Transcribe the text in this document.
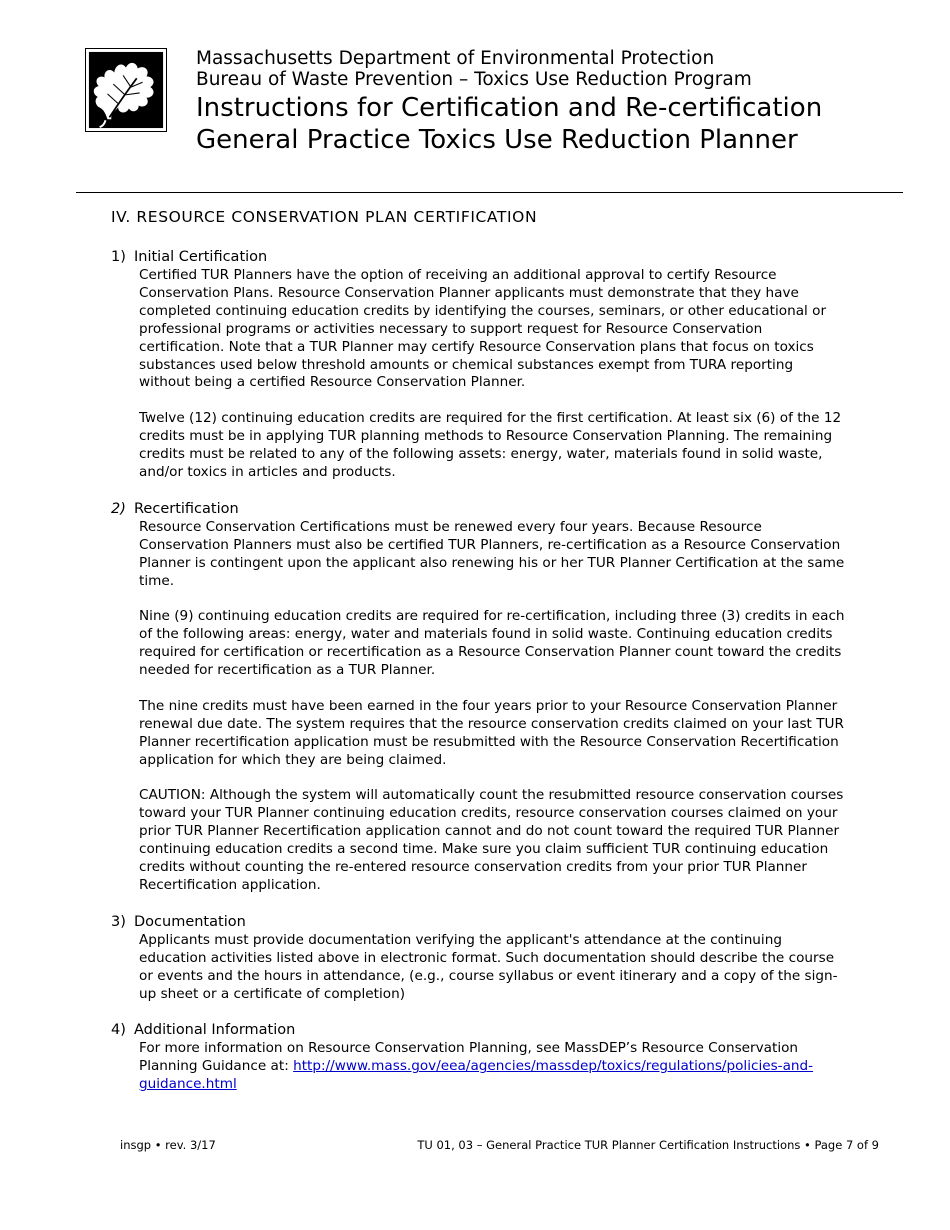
Massachusetts Department of Environmental Protection
Bureau of Waste Prevention – Toxics Use Reduction Program
Instructions for Certification and Re-certification
General Practice Toxics Use Reduction Planner
IV. RESOURCE CONSERVATION PLAN CERTIFICATION
1) Initial Certification

Certified TUR Planners have the option of receiving an additional approval to certify Resource Conservation Plans. Resource Conservation Planner applicants must demonstrate that they have completed continuing education credits by identifying the courses, seminars, or other educational or professional programs or activities necessary to support request for Resource Conservation certification. Note that a TUR Planner may certify Resource Conservation plans that focus on toxics substances used below threshold amounts or chemical substances exempt from TURA reporting without being a certified Resource Conservation Planner.

Twelve (12) continuing education credits are required for the first certification. At least six (6) of the 12 credits must be in applying TUR planning methods to Resource Conservation Planning. The remaining credits must be related to any of the following assets: energy, water, materials found in solid waste, and/or toxics in articles and products.

2) Recertification

Resource Conservation Certifications must be renewed every four years. Because Resource Conservation Planners must also be certified TUR Planners, re-certification as a Resource Conservation Planner is contingent upon the applicant also renewing his or her TUR Planner Certification at the same time.

Nine (9) continuing education credits are required for re-certification, including three (3) credits in each of the following areas: energy, water and materials found in solid waste. Continuing education credits required for certification or recertification as a Resource Conservation Planner count toward the credits needed for recertification as a TUR Planner.

The nine credits must have been earned in the four years prior to your Resource Conservation Planner renewal due date. The system requires that the resource conservation credits claimed on your last TUR Planner recertification application must be resubmitted with the Resource Conservation Recertification application for which they are being claimed.

CAUTION: Although the system will automatically count the resubmitted resource conservation courses toward your TUR Planner continuing education credits, resource conservation courses claimed on your prior TUR Planner Recertification application cannot and do not count toward the required TUR Planner continuing education credits a second time. Make sure you claim sufficient TUR continuing education credits without counting the re-entered resource conservation credits from your prior TUR Planner Recertification application.

3) Documentation

Applicants must provide documentation verifying the applicant's attendance at the continuing education activities listed above in electronic format. Such documentation should describe the course or events and the hours in attendance, (e.g., course syllabus or event itinerary and a copy of the sign-up sheet or a certificate of completion)

4) Additional Information

For more information on Resource Conservation Planning, see MassDEP’s Resource Conservation Planning Guidance at: http://www.mass.gov/eea/agencies/massdep/toxics/regulations/policies-and-guidance.html

insgp • rev. 3/17	TU 01, 03 – General Practice TUR Planner Certification Instructions • Page 7 of 9
